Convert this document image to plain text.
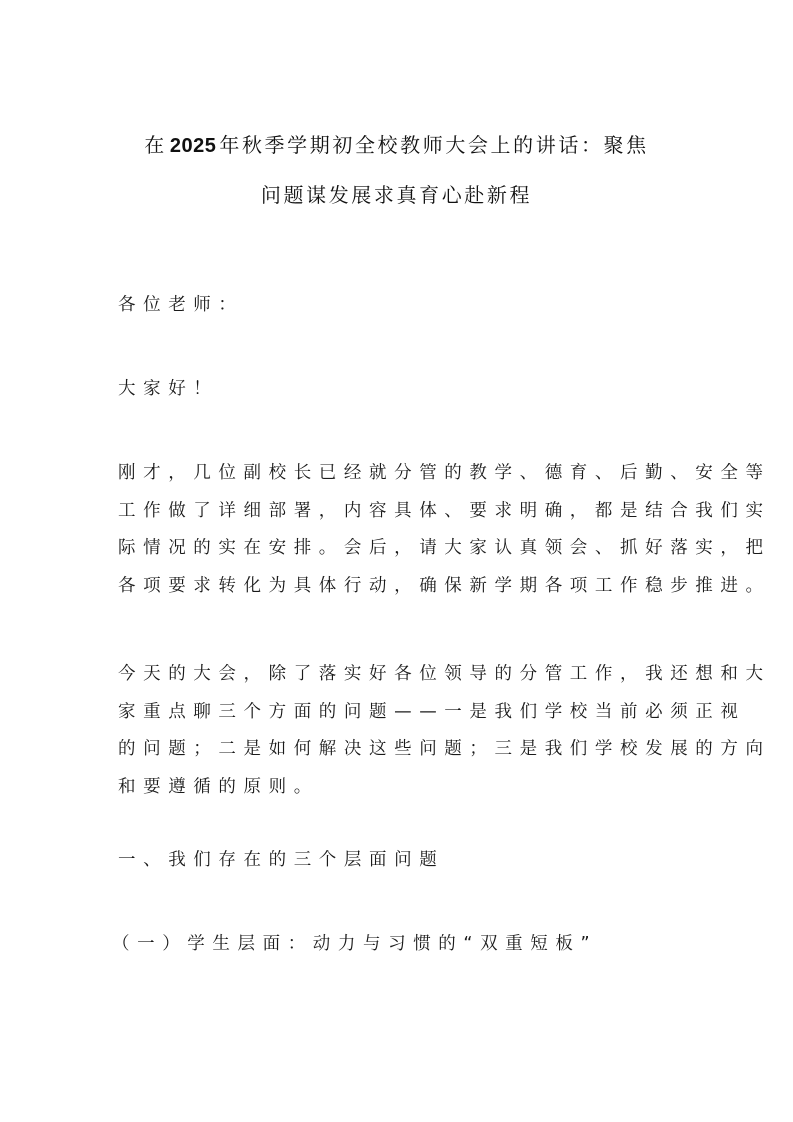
在 2025 年秋季学期初全校教师大会上的讲话：聚焦
问题谋发展求真育心赴新程
各位老师：
大家好！
刚才，几位副校长已经就分管的教学、德育、后勤、安全等
工作做了详细部署，内容具体、要求明确，都是结合我们实
际情况的实在安排。会后，请大家认真领会、抓好落实，把
各项要求转化为具体行动，确保新学期各项工作稳步推进。
今天的大会，除了落实好各位领导的分管工作，我还想和大
家重点聊三个方面的问题——一是我们学校当前必须正视
的问题；二是如何解决这些问题；三是我们学校发展的方向
和要遵循的原则。
一、我们存在的三个层面问题
（一）学生层面：动力与习惯的“双重短板”
